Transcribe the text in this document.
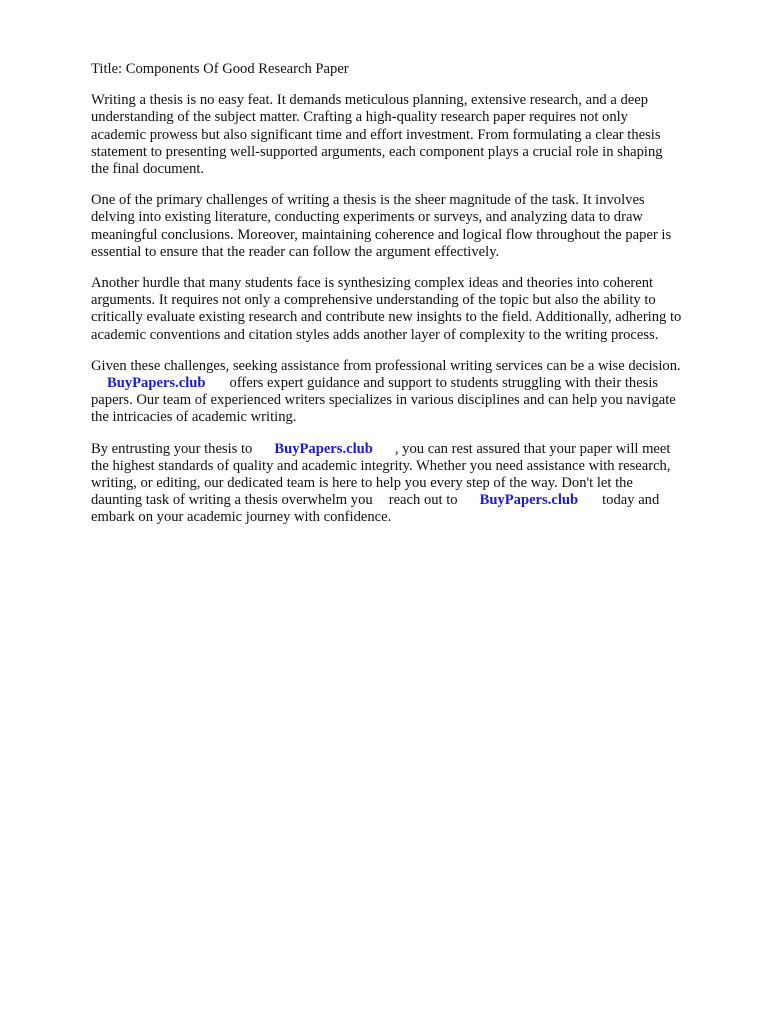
Title: Components Of Good Research Paper
Writing a thesis is no easy feat. It demands meticulous planning, extensive research, and a deep
understanding of the subject matter. Crafting a high-quality research paper requires not only
academic prowess but also significant time and effort investment. From formulating a clear thesis
statement to presenting well-supported arguments, each component plays a crucial role in shaping
the final document.
One of the primary challenges of writing a thesis is the sheer magnitude of the task. It involves
delving into existing literature, conducting experiments or surveys, and analyzing data to draw
meaningful conclusions. Moreover, maintaining coherence and logical flow throughout the paper is
essential to ensure that the reader can follow the argument effectively.
Another hurdle that many students face is synthesizing complex ideas and theories into coherent
arguments. It requires not only a comprehensive understanding of the topic but also the ability to
critically evaluate existing research and contribute new insights to the field. Additionally, adhering to
academic conventions and citation styles adds another layer of complexity to the writing process.
Given these challenges, seeking assistance from professional writing services can be a wise decision.
BuyPapers.club offers expert guidance and support to students struggling with their thesis
papers. Our team of experienced writers specializes in various disciplines and can help you navigate
the intricacies of academic writing.
By entrusting your thesis to BuyPapers.club , you can rest assured that your paper will meet
the highest standards of quality and academic integrity. Whether you need assistance with research,
writing, or editing, our dedicated team is here to help you every step of the way. Don't let the
daunting task of writing a thesis overwhelm you reach out to BuyPapers.club today and
embark on your academic journey with confidence.
